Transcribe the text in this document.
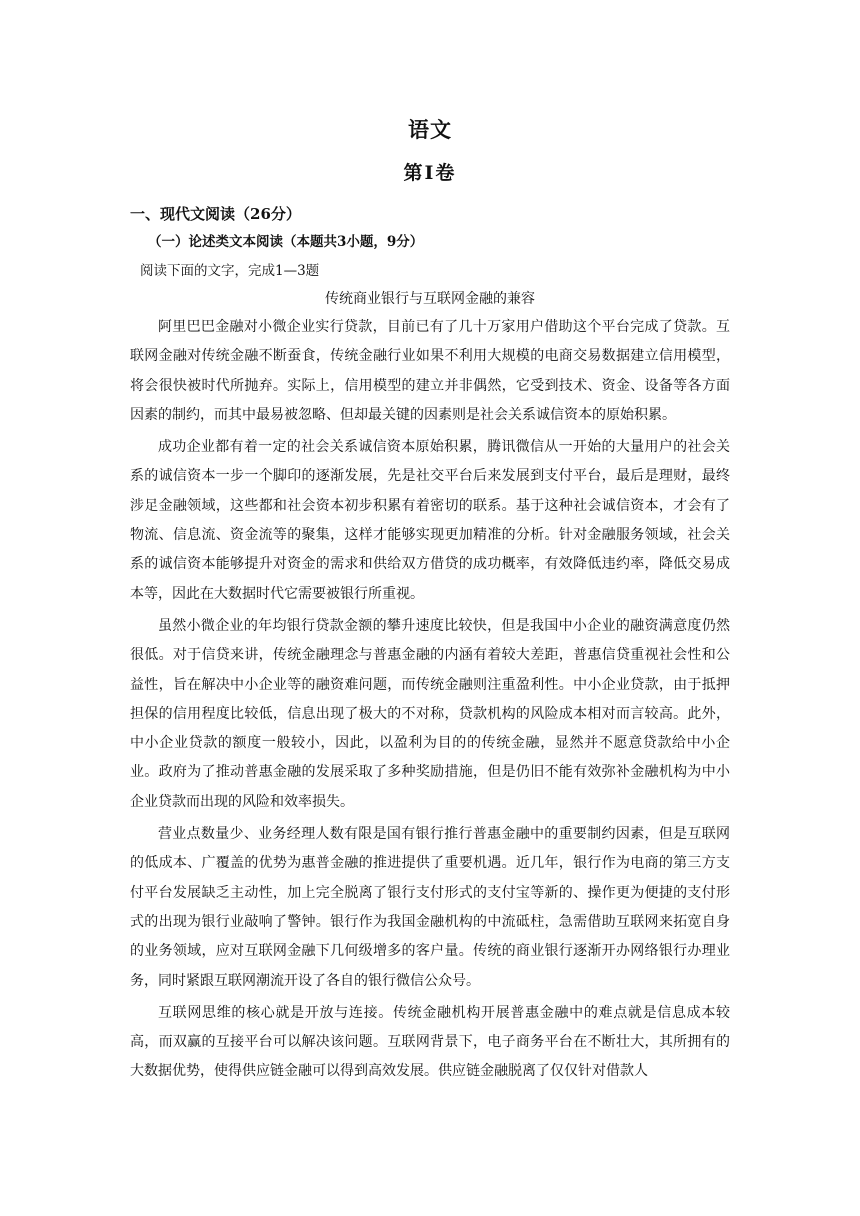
语文
第Ⅰ卷
一、现代文阅读（26分）
（一）论述类文本阅读（本题共3小题，9分）
阅读下面的文字，完成1—3题
传统商业银行与互联网金融的兼容

阿里巴巴金融对小微企业实行贷款，目前已有了几十万家用户借助这个平台完成了贷款。互联网金融对传统金融不断蚕食，传统金融行业如果不利用大规模的电商交易数据建立信用模型，将会很快被时代所抛弃。实际上，信用模型的建立并非偶然，它受到技术、资金、设备等各方面因素的制约，而其中最易被忽略、但却最关键的因素则是社会关系诚信资本的原始积累。

成功企业都有着一定的社会关系诚信资本原始积累，腾讯微信从一开始的大量用户的社会关系的诚信资本一步一个脚印的逐渐发展，先是社交平台后来发展到支付平台，最后是理财，最终涉足金融领域，这些都和社会资本初步积累有着密切的联系。基于这种社会诚信资本，才会有了物流、信息流、资金流等的聚集，这样才能够实现更加精准的分析。针对金融服务领域，社会关系的诚信资本能够提升对资金的需求和供给双方借贷的成功概率，有效降低违约率，降低交易成本等，因此在大数据时代它需要被银行所重视。

虽然小微企业的年均银行贷款金额的攀升速度比较快，但是我国中小企业的融资满意度仍然很低。对于信贷来讲，传统金融理念与普惠金融的内涵有着较大差距，普惠信贷重视社会性和公益性，旨在解决中小企业等的融资难问题，而传统金融则注重盈利性。中小企业贷款，由于抵押担保的信用程度比较低，信息出现了极大的不对称，贷款机构的风险成本相对而言较高。此外，中小企业贷款的额度一般较小，因此，以盈利为目的的传统金融，显然并不愿意贷款给中小企业。政府为了推动普惠金融的发展采取了多种奖励措施，但是仍旧不能有效弥补金融机构为中小企业贷款而出现的风险和效率损失。

营业点数量少、业务经理人数有限是国有银行推行普惠金融中的重要制约因素，但是互联网的低成本、广覆盖的优势为惠普金融的推进提供了重要机遇。近几年，银行作为电商的第三方支付平台发展缺乏主动性，加上完全脱离了银行支付形式的支付宝等新的、操作更为便捷的支付形式的出现为银行业敲响了警钟。银行作为我国金融机构的中流砥柱，急需借助互联网来拓宽自身的业务领域，应对互联网金融下几何级增多的客户量。传统的商业银行逐渐开办网络银行办理业务，同时紧跟互联网潮流开设了各自的银行微信公众号。

互联网思维的核心就是开放与连接。传统金融机构开展普惠金融中的难点就是信息成本较高，而双赢的互接平台可以解决该问题。互联网背景下，电子商务平台在不断壮大，其所拥有的大数据优势，使得供应链金融可以得到高效发展。供应链金融脱离了仅仅针对借款人
